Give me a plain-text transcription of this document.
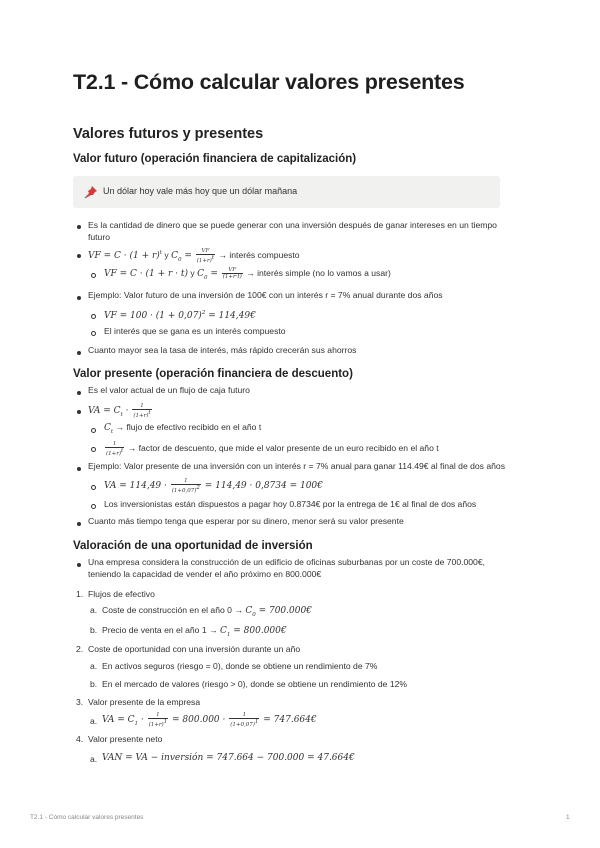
T2.1 - Cómo calcular valores presentes
Valores futuros y presentes
Valor futuro (operación financiera de capitalización)
Un dólar hoy vale más hoy que un dólar mañana
Es la cantidad de dinero que se puede generar con una inversión después de ganar intereses en un tiempo futuro
VF = $C \cdot (1 + r)^t$ y $C_0 = \frac{VF}{(1+r)^t}$ → interés compuesto
VF = C · (1 + r · t) y $C_0 = \frac{VF}{(1+r\cdot t)}$ → interés simple (no lo vamos a usar)
Ejemplo: Valor futuro de una inversión de 100€ con un interés r = 7% anual durante dos años
VF = $100 \cdot (1 + 0,07)^2$ = 114,49€
El interés que se gana es un interés compuesto
Cuanto mayor sea la tasa de interés, más rápido crecerán sus ahorros
Valor presente (operación financiera de descuento)
Es el valor actual de un flujo de caja futuro
VA = $C_t \cdot \frac{1}{(1+r)^t}$
$C_t$ → flujo de efectivo recibido en el año t
$\frac{1}{(1+r)^t}$ → factor de descuento, que mide el valor presente de un euro recibido en el año t
Ejemplo: Valor presente de una inversión con un interés r = 7% anual para ganar 114.49€ al final de dos años
VA = $114,49 \cdot \frac{1}{(1+0,07)^2} = 114,49 \cdot 0,8734$ = 100€
Los inversionistas están dispuestos a pagar hoy 0.8734€ por la entrega de 1€ al final de dos años
Cuanto más tiempo tenga que esperar por su dinero, menor será su valor presente
Valoración de una oportunidad de inversión
Una empresa considera la construcción de un edificio de oficinas suburbanas por un coste de 700.000€, teniendo la capacidad de vender el año próximo en 800.000€
1. Flujos de efectivo
a. Coste de construcción en el año $0 \to C_0$ = 700.000€
b. Precio de venta en el año $1 \to C_1$ = 800.000€
2. Coste de oportunidad con una inversión durante un año
a. En activos seguros (riesgo = 0), donde se obtiene un rendimiento de 7%
b. En el mercado de valores (riesgo > 0), donde se obtiene un rendimiento de 12%
3. Valor presente de la empresa
a. VA = $C_1 \cdot \frac{1}{(1+r)^1} = 800.000 \cdot \frac{1}{(1+0,07)^1}$ = 747.664€
4. Valor presente neto
a. VAN = VA − inversión = 747.664 − 700.000 = 47.664€
T2.1 - Cómo calcular valores presentes	1
